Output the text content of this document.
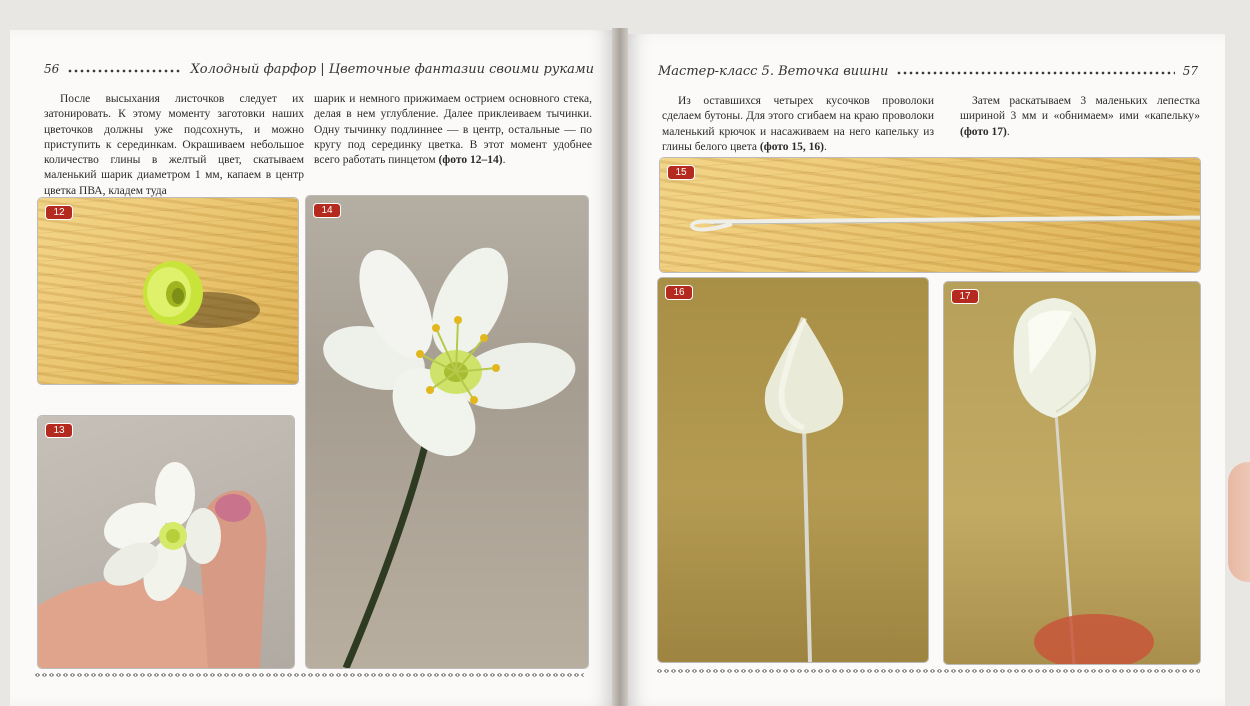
56	Холодный фарфор | Цветочные фантазии своими руками	Мастер-класс 5. Веточка вишни	57
После высыхания листочков следует их затонировать. К этому моменту заготовки наших цветочков должны уже подсохнуть, и можно приступить к серединкам. Окрашиваем небольшое количество глины в желтый цвет, скатываем маленький шарик диаметром 1 мм, капаем в центр цветка ПВА, кладем туда
шарик и немного прижимаем острием основного стека, делая в нем углубление. Далее приклеиваем тычинки. Одну тычинку подлиннее — в центр, остальные — по кругу под серединку цветка. В этот момент удобнее всего работать пинцетом (фото 12–14).
Из оставшихся четырех кусочков проволоки сделаем бутоны. Для этого сгибаем на краю проволоки маленький крючок и насаживаем на него капельку из глины белого цвета (фото 15, 16).
Затем раскатываем 3 маленьких лепестка шириной 3 мм и «обнимаем» ими «капельку» (фото 17).
12
13
14
15
16	17
